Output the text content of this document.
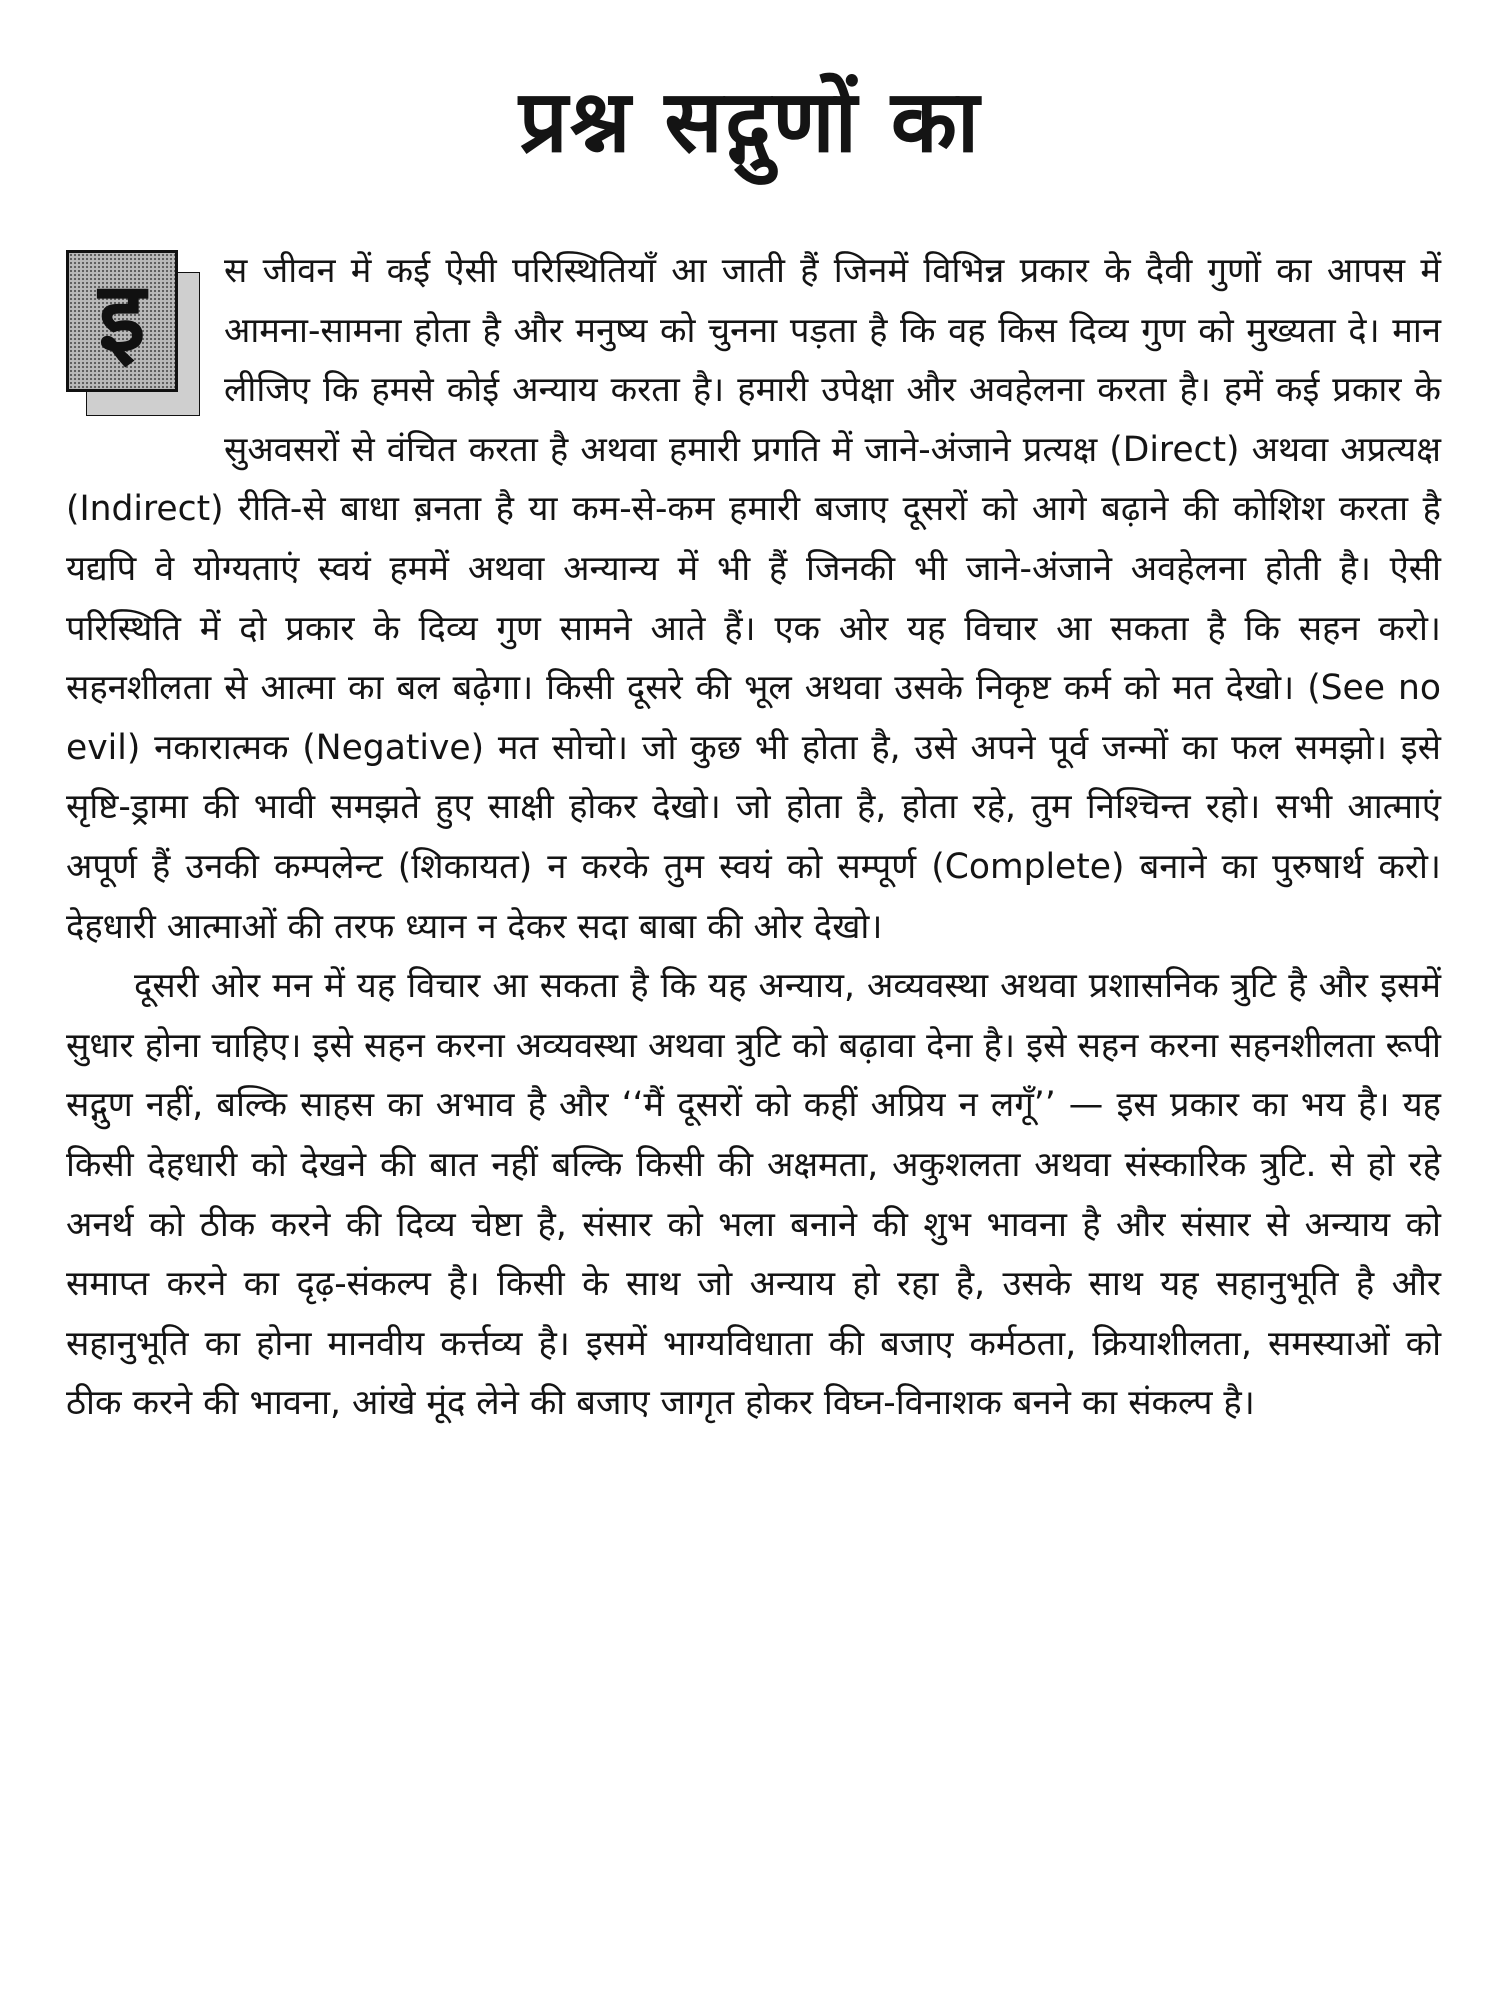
प्रश्न सद्गुणों का

इ स जीवन में कई ऐसी परिस्थितियाँ आ जाती हैं जिनमें विभिन्न प्रकार के दैवी गुणों का आपस में आमना-सामना होता है और मनुष्य को चुनना पड़ता है कि वह किस दिव्य गुण को मुख्यता दे। मान लीजिए कि हमसे कोई अन्याय करता है। हमारी उपेक्षा और अवहेलना करता है। हमें कई प्रकार के सुअवसरों से वंचित करता है अथवा हमारी प्रगति में जाने-अंजाने प्रत्यक्ष (Direct) अथवा अप्रत्यक्ष (Indirect) रीति-से बाधा ब़नता है या कम-से-कम हमारी बजाए दूसरों को आगे बढ़ाने की कोशिश करता है यद्यपि वे योग्यताएं स्वयं हममें अथवा अन्यान्य में भी हैं जिनकी भी जाने-अंजाने अवहेलना होती है। ऐसी परिस्थिति में दो प्रकार के दिव्य गुण सामने आते हैं। एक ओर यह विचार आ सकता है कि सहन करो। सहनशीलता से आत्मा का बल बढ़ेगा। किसी दूसरे की भूल अथवा उसके निकृष्ट कर्म को मत देखो। (See no evil) नकारात्मक (Negative) मत सोचो। जो कुछ भी होता है, उसे अपने पूर्व जन्मों का फल समझो। इसे सृष्टि-ड्रामा की भावी समझते हुए साक्षी होकर देखो। जो होता है, होता रहे, तुम निश्चिन्त रहो। सभी आत्माएं अपूर्ण हैं उनकी कम्पलेन्ट (शिकायत) न करके तुम स्वयं को सम्पूर्ण (Complete) बनाने का पुरुषार्थ करो। देहधारी आत्माओं की तरफ ध्यान न देकर सदा बाबा की ओर देखो।

दूसरी ओर मन में यह विचार आ सकता है कि यह अन्याय, अव्यवस्था अथवा प्रशासनिक त्रुटि है और इसमें सुधार होना चाहिए। इसे सहन करना अव्यवस्था अथवा त्रुटि को बढ़ावा देना है। इसे सहन करना सहनशीलता रूपी सद्गुण नहीं, बल्कि साहस का अभाव है और ‘‘मैं दूसरों को कहीं अप्रिय न लगूँ’’ — इस प्रकार का भय है। यह किसी देहधारी को देखने की बात नहीं बल्कि किसी की अक्षमता, अकुशलता अथवा संस्कारिक त्रुटि. से हो रहे अनर्थ को ठीक करने की दिव्य चेष्टा है, संसार को भला बनाने की शुभ भावना है और संसार से अन्याय को समाप्त करने का दृढ़-संकल्प है। किसी के साथ जो अन्याय हो रहा है, उसके साथ यह सहानुभूति है और सहानुभूति का होना मानवीय कर्त्तव्य है। इसमें भाग्यविधाता की बजाए कर्मठता, क्रियाशीलता, समस्याओं को ठीक करने की भावना, आंखे मूंद लेने की बजाए जागृत होकर विघ्न-विनाशक बनने का संकल्प है।
